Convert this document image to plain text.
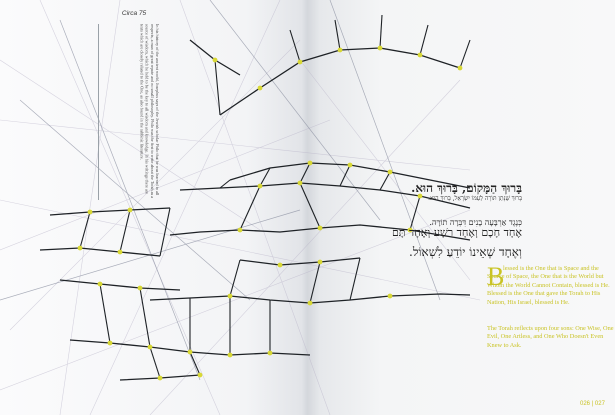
Circa 75
In his history of the ancient world, Josephus says of the Jewish scholar Philo that he was learned in all respects, a man of great repute and no small philosophy. Philo was the first to write about the Torah as a source of wisdom, which he held to be the key to all wisdom and knowledge. In his writings there are texts which are closely related to the One, as also found in the rabbinic literature.
בָּרוּךְ הַמָּקוֹם, בָּרוּךְ הוּא.
בָּרוּךְ שֶׁנָּתַן תּוֹרָה לְעַמּוֹ יִשְׂרָאֵל, בָּרוּךְ הוּא.
כְּנֶגֶד אַרְבָּעָה בָנִים דִּבְּרָה תוֹרָה.
אֶחָד חָכָם וְאֶחָד רָשָׁע וְאֶחָד תָּם
וְאֶחָד שֶׁאֵינוֹ יוֹדֵעַ לִשְׁאוֹל.
B
lessed is the One that is Space and the Source of Space, the One that is the World but Whom the World Cannot Contain, blessed is He. Blessed is the One that gave the Torah to His Nation, His Israel, blessed is He.
The Torah reflects upon four sons: One Wise, One Evil, One Artless, and One Who Doesn't Even Knew to Ask.
026 | 027
